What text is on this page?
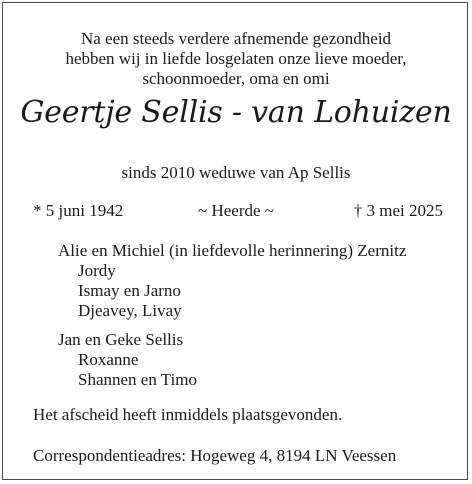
Na een steeds verdere afnemende gezondheid
hebben wij in liefde losgelaten onze lieve moeder,
schoonmoeder, oma en omi
Geertje Sellis - van Lohuizen
sinds 2010 weduwe van Ap Sellis
* 5 juni 1942	~ Heerde ~	† 3 mei 2025
Alie en Michiel (in liefdevolle herinnering) Zernitz
Jordy
Ismay en Jarno
Djeavey, Livay
Jan en Geke Sellis
Roxanne
Shannen en Timo
Het afscheid heeft inmiddels plaatsgevonden.
Correspondentieadres: Hogeweg 4, 8194 LN Veessen
